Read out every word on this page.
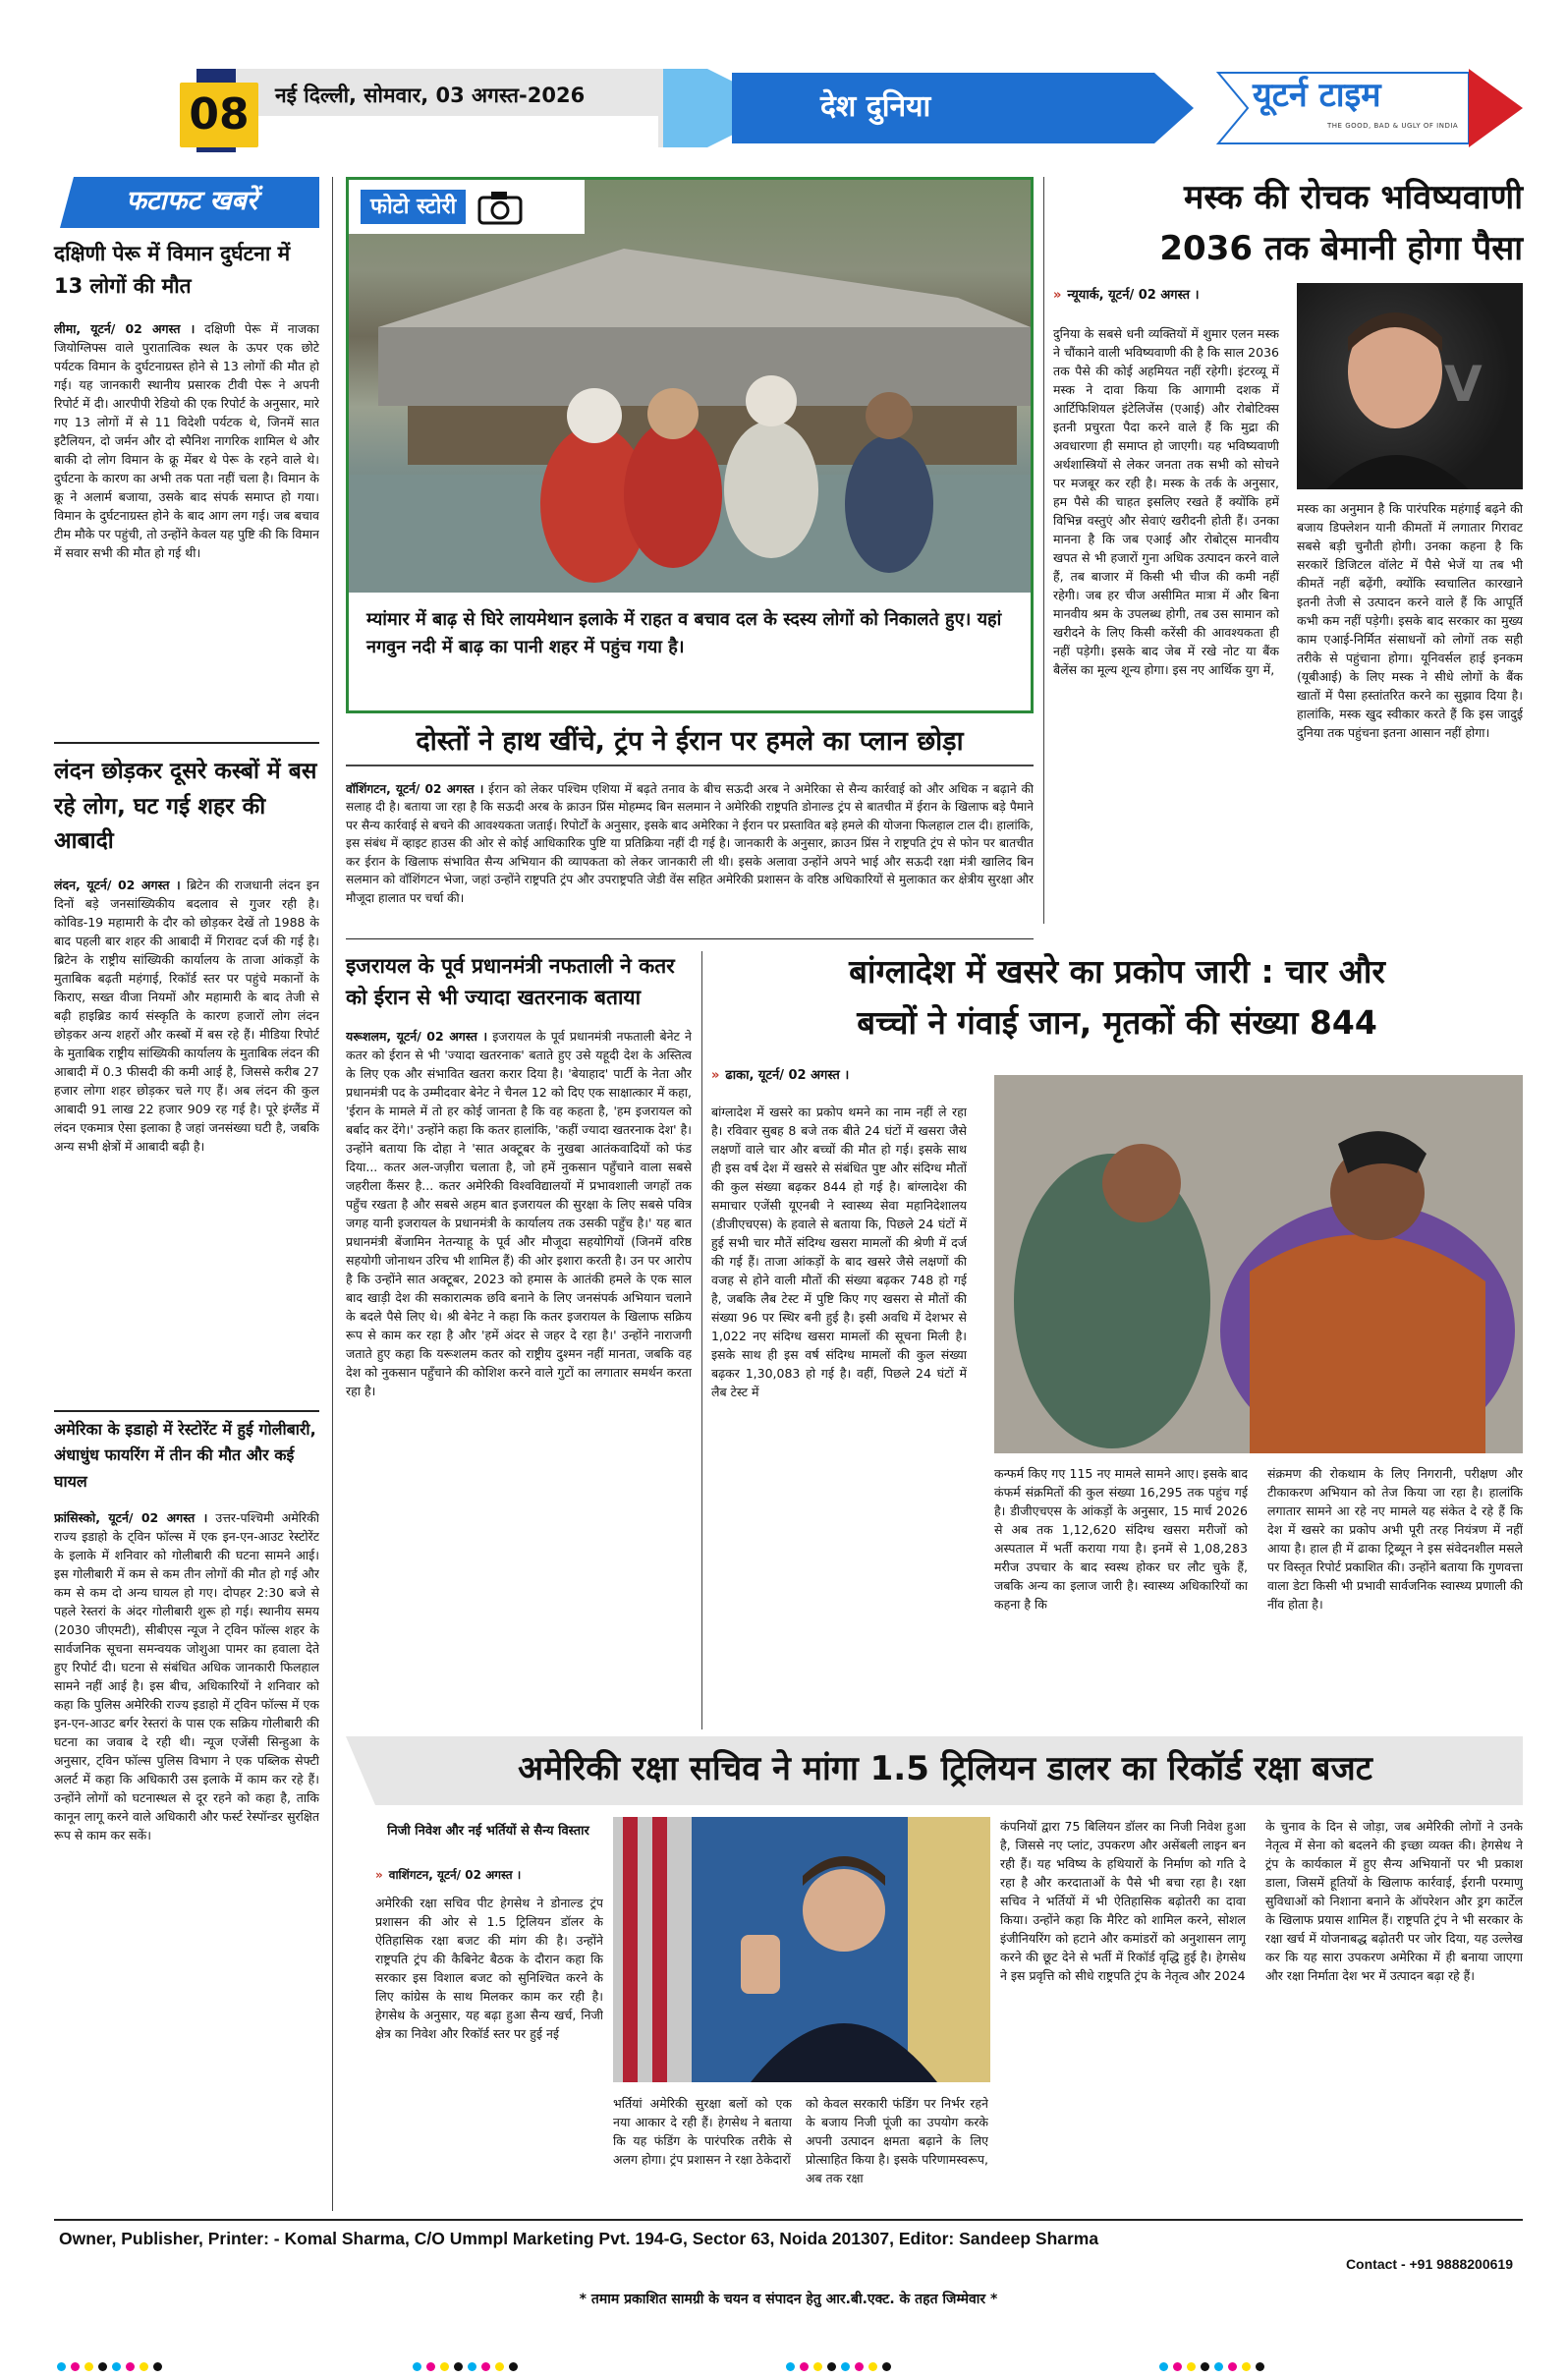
08	नई दिल्ली, सोमवार, 03 अगस्त-2026	देश दुनिया	यूटर्न टाइम
THE GOOD, BAD & UGLY OF INDIA
फटाफट खबरें
दक्षिणी पेरू में विमान दुर्घटना में 13 लोगों की मौत
लीमा, यूटर्न/ 02 अगस्त । दक्षिणी पेरू में नाजका जियोग्लिफ्स वाले पुरातात्विक स्थल के ऊपर एक छोटे पर्यटक विमान के दुर्घटनाग्रस्त होने से 13 लोगों की मौत हो गई। यह जानकारी स्थानीय प्रसारक टीवी पेरू ने अपनी रिपोर्ट में दी। आरपीपी रेडियो की एक रिपोर्ट के अनुसार, मारे गए 13 लोगों में से 11 विदेशी पर्यटक थे, जिनमें सात इटैलियन, दो जर्मन और दो स्पैनिश नागरिक शामिल थे और बाकी दो लोग विमान के क्रू मेंबर थे पेरू के रहने वाले थे। दुर्घटना के कारण का अभी तक पता नहीं चला है। विमान के क्रू ने अलार्म बजाया, उसके बाद संपर्क समाप्त हो गया। विमान के दुर्घटनाग्रस्त होने के बाद आग लग गई। जब बचाव टीम मौके पर पहुंची, तो उन्होंने केवल यह पुष्टि की कि विमान में सवार सभी की मौत हो गई थी।
लंदन छोड़कर दूसरे कस्बों में बस रहे लोग, घट गई शहर की आबादी
लंदन, यूटर्न/ 02 अगस्त । ब्रिटेन की राजधानी लंदन इन दिनों बड़े जनसांख्यिकीय बदलाव से गुजर रही है। कोविड-19 महामारी के दौर को छोड़कर देखें तो 1988 के बाद पहली बार शहर की आबादी में गिरावट दर्ज की गई है। ब्रिटेन के राष्ट्रीय सांख्यिकी कार्यालय के ताजा आंकड़ों के मुताबिक बढ़ती महंगाई, रिकॉर्ड स्तर पर पहुंचे मकानों के किराए, सख्त वीजा नियमों और महामारी के बाद तेजी से बढ़ी हाइब्रिड कार्य संस्कृति के कारण हजारों लोग लंदन छोड़कर अन्य शहरों और कस्बों में बस रहे हैं। मीडिया रिपोर्ट के मुताबिक राष्ट्रीय सांख्यिकी कार्यालय के मुताबिक लंदन की आबादी में 0.3 फीसदी की कमी आई है, जिससे करीब 27 हजार लोगा शहर छोड़कर चले गए हैं। अब लंदन की कुल आबादी 91 लाख 22 हजार 909 रह गई है। पूरे इंग्लैंड में लंदन एकमात्र ऐसा इलाका है जहां जनसंख्या घटी है, जबकि अन्य सभी क्षेत्रों में आबादी बढ़ी है।
अमेरिका के इडाहो में रेस्टोरेंट में हुई गोलीबारी, अंधाधुंध फायरिंग में तीन की मौत और कई घायल
फ्रांसिस्को, यूटर्न/ 02 अगस्त । उत्तर-पश्चिमी अमेरिकी राज्य इडाहो के ट्विन फॉल्स में एक इन-एन-आउट रेस्टोरेंट के इलाके में शनिवार को गोलीबारी की घटना सामने आई। इस गोलीबारी में कम से कम तीन लोगों की मौत हो गई और कम से कम दो अन्य घायल हो गए। दोपहर 2:30 बजे से पहले रेस्तरां के अंदर गोलीबारी शुरू हो गई। स्थानीय समय (2030 जीएमटी), सीबीएस न्यूज ने ट्विन फॉल्स शहर के सार्वजनिक सूचना समन्वयक जोशुआ पामर का हवाला देते हुए रिपोर्ट दी। घटना से संबंधित अधिक जानकारी फिलहाल सामने नहीं आई है। इस बीच, अधिकारियों ने शनिवार को कहा कि पुलिस अमेरिकी राज्य इडाहो में ट्विन फॉल्स में एक इन-एन-आउट बर्गर रेस्तरां के पास एक सक्रिय गोलीबारी की घटना का जवाब दे रही थी। न्यूज एजेंसी सिन्हुआ के अनुसार, ट्विन फॉल्स पुलिस विभाग ने एक पब्लिक सेफ्टी अलर्ट में कहा कि अधिकारी उस इलाके में काम कर रहे हैं। उन्होंने लोगों को घटनास्थल से दूर रहने को कहा है, ताकि कानून लागू करने वाले अधिकारी और फर्स्ट रेस्पॉन्डर सुरक्षित रूप से काम कर सकें।
फोटो स्टोरी
म्यांमार में बाढ़ से घिरे लायमेथान इलाके में राहत व बचाव दल के स्दस्य लोगों को निकालते हुए। यहां नगवुन नदी में बाढ़ का पानी शहर में पहुंच गया है।
दोस्तों ने हाथ खींचे, ट्रंप ने ईरान पर हमले का प्लान छोड़ा
वॉशिंगटन, यूटर्न/ 02 अगस्त । ईरान को लेकर पश्चिम एशिया में बढ़ते तनाव के बीच सऊदी अरब ने अमेरिका से सैन्य कार्रवाई को और अधिक न बढ़ाने की सलाह दी है। बताया जा रहा है कि सऊदी अरब के क्राउन प्रिंस मोहम्मद बिन सलमान ने अमेरिकी राष्ट्रपति डोनाल्ड ट्रंप से बातचीत में ईरान के खिलाफ बड़े पैमाने पर सैन्य कार्रवाई से बचने की आवश्यकता जताई। रिपोर्टों के अनुसार, इसके बाद अमेरिका ने ईरान पर प्रस्तावित बड़े हमले की योजना फिलहाल टाल दी। हालांकि, इस संबंध में व्हाइट हाउस की ओर से कोई आधिकारिक पुष्टि या प्रतिक्रिया नहीं दी गई है। जानकारी के अनुसार, क्राउन प्रिंस ने राष्ट्रपति ट्रंप से फोन पर बातचीत कर ईरान के खिलाफ संभावित सैन्य अभियान की व्यापकता को लेकर जानकारी ली थी। इसके अलावा उन्होंने अपने भाई और सऊदी रक्षा मंत्री खालिद बिन सलमान को वॉशिंगटन भेजा, जहां उन्होंने राष्ट्रपति ट्रंप और उपराष्ट्रपति जेडी वेंस सहित अमेरिकी प्रशासन के वरिष्ठ अधिकारियों से मुलाकात कर क्षेत्रीय सुरक्षा और मौजूदा हालात पर चर्चा की।
मस्क की रोचक भविष्यवाणी
2036 तक बेमानी होगा पैसा
» न्यूयार्क, यूटर्न/ 02 अगस्त ।
दुनिया के सबसे धनी व्यक्तियों में शुमार एलन मस्क ने चौंकाने वाली भविष्यवाणी की है कि साल 2036 तक पैसे की कोई अहमियत नहीं रहेगी। इंटरव्यू में मस्क ने दावा किया कि आगामी दशक में आर्टिफिशियल इंटेलिजेंस (एआई) और रोबोटिक्स इतनी प्रचुरता पैदा करने वाले हैं कि मुद्रा की अवधारणा ही समाप्त हो जाएगी। यह भविष्यवाणी अर्थशास्त्रियों से लेकर जनता तक सभी को सोचने पर मजबूर कर रही है। मस्क के तर्क के अनुसार, हम पैसे की चाहत इसलिए रखते हैं क्योंकि हमें विभिन्न वस्तुएं और सेवाएं खरीदनी होती हैं। उनका मानना है कि जब एआई और रोबोट्स मानवीय खपत से भी हजारों गुना अधिक उत्पादन करने वाले हैं, तब बाजार में किसी भी चीज की कमी नहीं रहेगी। जब हर चीज असीमित मात्रा में और बिना मानवीय श्रम के उपलब्ध होगी, तब उस सामान को खरीदने के लिए किसी करेंसी की आवश्यकता ही नहीं पड़ेगी। इसके बाद जेब में रखे नोट या बैंक बैलेंस का मूल्य शून्य होगा। इस नए आर्थिक युग में,
V
मस्क का अनुमान है कि पारंपरिक महंगाई बढ़ने की बजाय डिफ्लेशन यानी कीमतों में लगातार गिरावट सबसे बड़ी चुनौती होगी। उनका कहना है कि सरकारें डिजिटल वॉलेट में पैसे भेजें या तब भी कीमतें नहीं बढ़ेंगी, क्योंकि स्वचालित कारखाने इतनी तेजी से उत्पादन करने वाले हैं कि आपूर्ति कभी कम नहीं पड़ेगी। इसके बाद सरकार का मुख्य काम एआई-निर्मित संसाधनों को लोगों तक सही तरीके से पहुंचाना होगा। यूनिवर्सल हाई इनकम (यूबीआई) के लिए मस्क ने सीधे लोगों के बैंक खातों में पैसा हस्तांतरित करने का सुझाव दिया है। हालांकि, मस्क खुद स्वीकार करते हैं कि इस जादुई दुनिया तक पहुंचना इतना आसान नहीं होगा।
इजरायल के पूर्व प्रधानमंत्री नफताली ने कतर को ईरान से भी ज्यादा खतरनाक बताया
यरूशलम, यूटर्न/ 02 अगस्त । इजरायल के पूर्व प्रधानमंत्री नफताली बेनेट ने कतर को ईरान से भी 'ज्यादा खतरनाक' बताते हुए उसे यहूदी देश के अस्तित्व के लिए एक और संभावित खतरा करार दिया है। 'बेयाहाद' पार्टी के नेता और प्रधानमंत्री पद के उम्मीदवार बेनेट ने चैनल 12 को दिए एक साक्षात्कार में कहा, 'ईरान के मामले में तो हर कोई जानता है कि वह कहता है, 'हम इजरायल को बर्बाद कर देंगे।' उन्होंने कहा कि कतर हालांकि, 'कहीं ज्यादा खतरनाक देश' है। उन्होंने बताया कि दोहा ने 'सात अक्टूबर के नुखबा आतंकवादियों को फंड दिया... कतर अल-जज़ीरा चलाता है, जो हमें नुकसान पहुँचाने वाला सबसे जहरीला कैंसर है... कतर अमेरिकी विश्वविद्यालयों में प्रभावशाली जगहों तक पहुँच रखता है और सबसे अहम बात इजरायल की सुरक्षा के लिए सबसे पवित्र जगह यानी इजरायल के प्रधानमंत्री के कार्यालय तक उसकी पहुँच है।' यह बात प्रधानमंत्री बेंजामिन नेतन्याहू के पूर्व और मौजूदा सहयोगियों (जिनमें वरिष्ठ सहयोगी जोनाथन उरिच भी शामिल हैं) की ओर इशारा करती है। उन पर आरोप है कि उन्होंने सात अक्टूबर, 2023 को हमास के आतंकी हमले के एक साल बाद खाड़ी देश की सकारात्मक छवि बनाने के लिए जनसंपर्क अभियान चलाने के बदले पैसे लिए थे। श्री बेनेट ने कहा कि कतर इजरायल के खिलाफ सक्रिय रूप से काम कर रहा है और 'हमें अंदर से जहर दे रहा है।' उन्होंने नाराजगी जताते हुए कहा कि यरूशलम कतर को राष्ट्रीय दुश्मन नहीं मानता, जबकि वह देश को नुकसान पहुँचाने की कोशिश करने वाले गुटों का लगातार समर्थन करता रहा है।
बांग्लादेश में खसरे का प्रकोप जारी : चार और
बच्चों ने गंवाई जान, मृतकों की संख्या 844
» ढाका, यूटर्न/ 02 अगस्त ।
बांग्लादेश में खसरे का प्रकोप थमने का नाम नहीं ले रहा है। रविवार सुबह 8 बजे तक बीते 24 घंटों में खसरा जैसे लक्षणों वाले चार और बच्चों की मौत हो गई। इसके साथ ही इस वर्ष देश में खसरे से संबंधित पुष्ट और संदिग्ध मौतों की कुल संख्या बढ़कर 844 हो गई है। बांग्लादेश की समाचार एजेंसी यूएनबी ने स्वास्थ्य सेवा महानिदेशालय (डीजीएचएस) के हवाले से बताया कि, पिछले 24 घंटों में हुई सभी चार मौतें संदिग्ध खसरा मामलों की श्रेणी में दर्ज की गई हैं। ताजा आंकड़ों के बाद खसरे जैसे लक्षणों की वजह से होने वाली मौतों की संख्या बढ़कर 748 हो गई है, जबकि लैब टेस्ट में पुष्टि किए गए खसरा से मौतों की संख्या 96 पर स्थिर बनी हुई है। इसी अवधि में देशभर से 1,022 नए संदिग्ध खसरा मामलों की सूचना मिली है। इसके साथ ही इस वर्ष संदिग्ध मामलों की कुल संख्या बढ़कर 1,30,083 हो गई है। वहीं, पिछले 24 घंटों में लैब टेस्ट में
कन्फर्म किए गए 115 नए मामले सामने आए। इसके बाद कंफर्म संक्रमितों की कुल संख्या 16,295 तक पहुंच गई है। डीजीएचएस के आंकड़ों के अनुसार, 15 मार्च 2026 से अब तक 1,12,620 संदिग्ध खसरा मरीजों को अस्पताल में भर्ती कराया गया है। इनमें से 1,08,283 मरीज उपचार के बाद स्वस्थ होकर घर लौट चुके हैं, जबकि अन्य का इलाज जारी है। स्वास्थ्य अधिकारियों का कहना है कि
संक्रमण की रोकथाम के लिए निगरानी, परीक्षण और टीकाकरण अभियान को तेज किया जा रहा है। हालांकि लगातार सामने आ रहे नए मामले यह संकेत दे रहे हैं कि देश में खसरे का प्रकोप अभी पूरी तरह नियंत्रण में नहीं आया है। हाल ही में ढाका ट्रिब्यून ने इस संवेदनशील मसले पर विस्तृत रिपोर्ट प्रकाशित की। उन्होंने बताया कि गुणवत्ता वाला डेटा किसी भी प्रभावी सार्वजनिक स्वास्थ्य प्रणाली की नींव होता है।
अमेरिकी रक्षा सचिव ने मांगा 1.5 ट्रिलियन डालर का रिकॉर्ड रक्षा बजट
निजी निवेश और नई भर्तियों से सैन्य विस्तार
» वाशिंगटन, यूटर्न/ 02 अगस्त ।
अमेरिकी रक्षा सचिव पीट हेगसेथ ने डोनाल्ड ट्रंप प्रशासन की ओर से 1.5 ट्रिलियन डॉलर के ऐतिहासिक रक्षा बजट की मांग की है। उन्होंने राष्ट्रपति ट्रंप की कैबिनेट बैठक के दौरान कहा कि सरकार इस विशाल बजट को सुनिश्चित करने के लिए कांग्रेस के साथ मिलकर काम कर रही है। हेगसेथ के अनुसार, यह बढ़ा हुआ सैन्य खर्च, निजी क्षेत्र का निवेश और रिकॉर्ड स्तर पर हुई नई
भर्तियां अमेरिकी सुरक्षा बलों को एक नया आकार दे रही हैं। हेगसेथ ने बताया कि यह फंडिंग के पारंपरिक तरीके से अलग होगा। ट्रंप प्रशासन ने रक्षा ठेकेदारों
को केवल सरकारी फंडिंग पर निर्भर रहने के बजाय निजी पूंजी का उपयोग करके अपनी उत्पादन क्षमता बढ़ाने के लिए प्रोत्साहित किया है। इसके परिणामस्वरूप, अब तक रक्षा
कंपनियों द्वारा 75 बिलियन डॉलर का निजी निवेश हुआ है, जिससे नए प्लांट, उपकरण और असेंबली लाइन बन रही हैं। यह भविष्य के हथियारों के निर्माण को गति दे रहा है और करदाताओं के पैसे भी बचा रहा है। रक्षा सचिव ने भर्तियों में भी ऐतिहासिक बढ़ोतरी का दावा किया। उन्होंने कहा कि मैरिट को शामिल करने, सोशल इंजीनियरिंग को हटाने और कमांडरों को अनुशासन लागू करने की छूट देने से भर्ती में रिकॉर्ड वृद्धि हुई है। हेगसेथ ने इस प्रवृत्ति को सीधे राष्ट्रपति ट्रंप के नेतृत्व और 2024
के चुनाव के दिन से जोड़ा, जब अमेरिकी लोगों ने उनके नेतृत्व में सेना को बदलने की इच्छा व्यक्त की। हेगसेथ ने ट्रंप के कार्यकाल में हुए सैन्य अभियानों पर भी प्रकाश डाला, जिसमें हूतियों के खिलाफ कार्रवाई, ईरानी परमाणु सुविधाओं को निशाना बनाने के ऑपरेशन और ड्रग कार्टेल के खिलाफ प्रयास शामिल हैं। राष्ट्रपति ट्रंप ने भी सरकार के रक्षा खर्च में योजनाबद्ध बढ़ोतरी पर जोर दिया, यह उल्लेख कर कि यह सारा उपकरण अमेरिका में ही बनाया जाएगा और रक्षा निर्माता देश भर में उत्पादन बढ़ा रहे हैं।
Owner, Publisher, Printer: - Komal Sharma, C/O Ummpl Marketing Pvt. 194-G, Sector 63, Noida 201307, Editor: Sandeep Sharma
Contact - +91 9888200619
* तमाम प्रकाशित सामग्री के चयन व संपादन हेतु आर.बी.एक्ट. के तहत जिम्मेवार *
